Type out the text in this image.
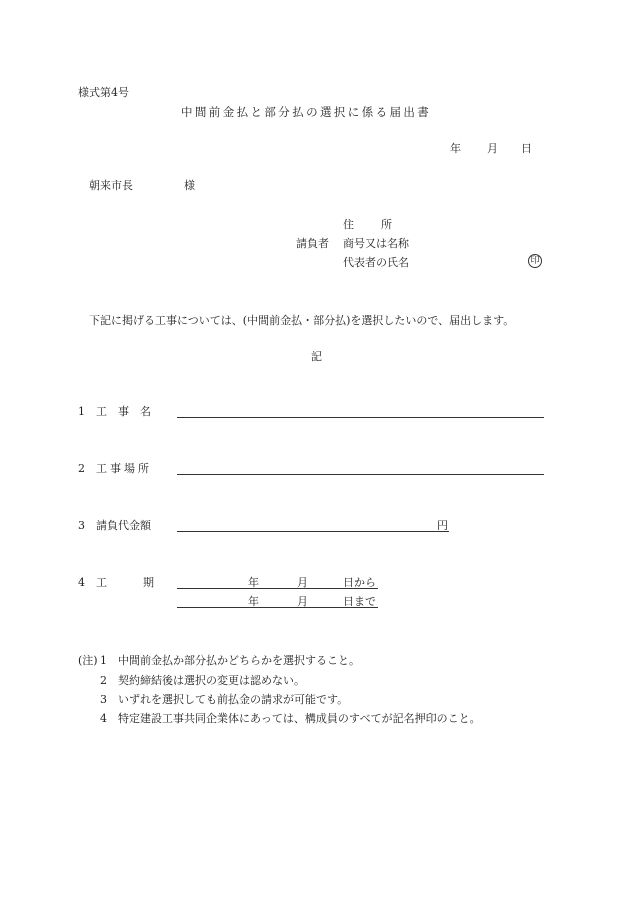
様式第4号
中間前金払と部分払の選択に係る届出書
年 月 日
朝来市長	様
住所
請負者 商号又は名称
代表者の氏名	印
下記に掲げる工事については、(中間前金払・部分払)を選択したいので、届出します。
記
1 工　事　名
2 工事場所
3 請負代金額	円
4 工	期	年	月	日から
年	月	日まで
(注) 1 中間前金払か部分払かどちらかを選択すること。
2 契約締結後は選択の変更は認めない。
3 いずれを選択しても前払金の請求が可能です。
4 特定建設工事共同企業体にあっては、構成員のすべてが記名押印のこと。
